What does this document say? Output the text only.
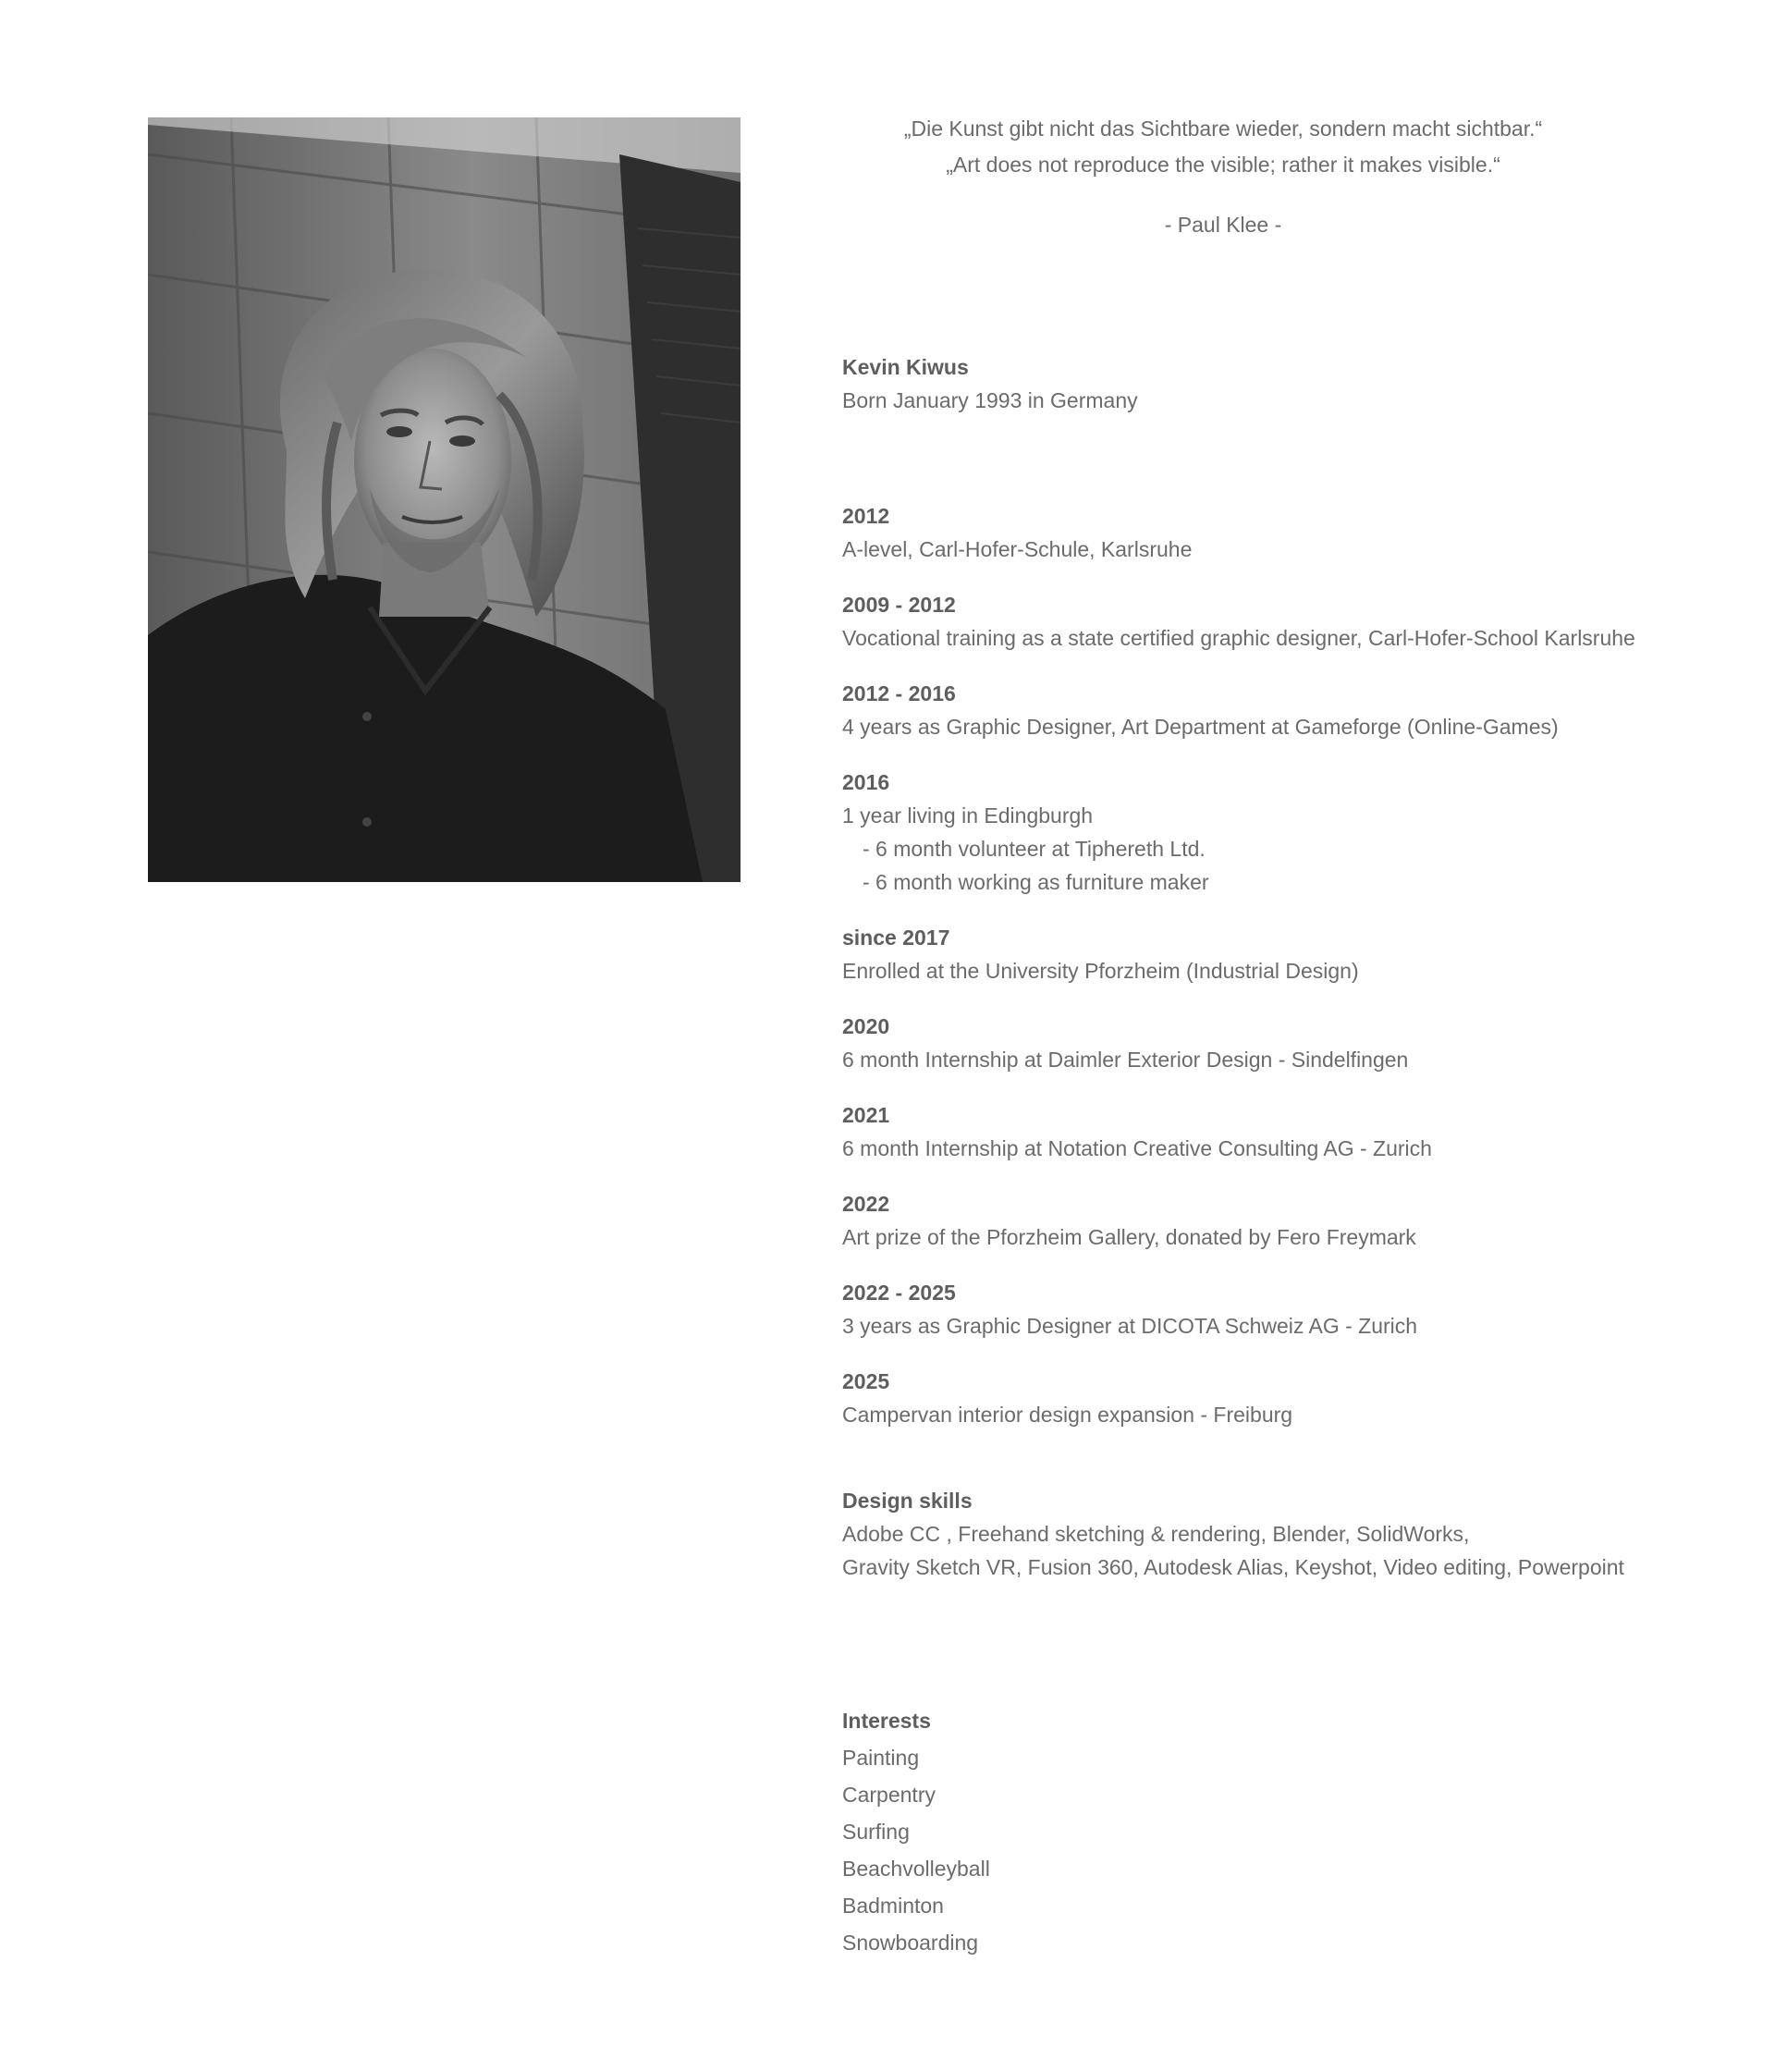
„Die Kunst gibt nicht das Sichtbare wieder, sondern macht sichtbar.“
„Art does not reproduce the visible; rather it makes visible.“
- Paul Klee -
Kevin Kiwus
Born January 1993 in Germany
2012
A-level, Carl-Hofer-Schule, Karlsruhe
2009 - 2012
Vocational training as a state certified graphic designer, Carl-Hofer-School Karlsruhe
2012 - 2016
4 years as Graphic Designer, Art Department at Gameforge (Online-Games)
2016
1 year living in Edingburgh
- 6 month volunteer at Tiphereth Ltd.
- 6 month working as furniture maker
since 2017
Enrolled at the University Pforzheim (Industrial Design)
2020
6 month Internship at Daimler Exterior Design - Sindelfingen
2021
6 month Internship at Notation Creative Consulting AG - Zurich
2022
Art prize of the Pforzheim Gallery, donated by Fero Freymark
2022 - 2025
3 years as Graphic Designer at DICOTA Schweiz AG - Zurich
2025
Campervan interior design expansion - Freiburg
Design skills
Adobe CC , Freehand sketching & rendering, Blender, SolidWorks,
Gravity Sketch VR, Fusion 360, Autodesk Alias, Keyshot, Video editing, Powerpoint
Interests
Painting
Carpentry
Surfing
Beachvolleyball
Badminton
Snowboarding
